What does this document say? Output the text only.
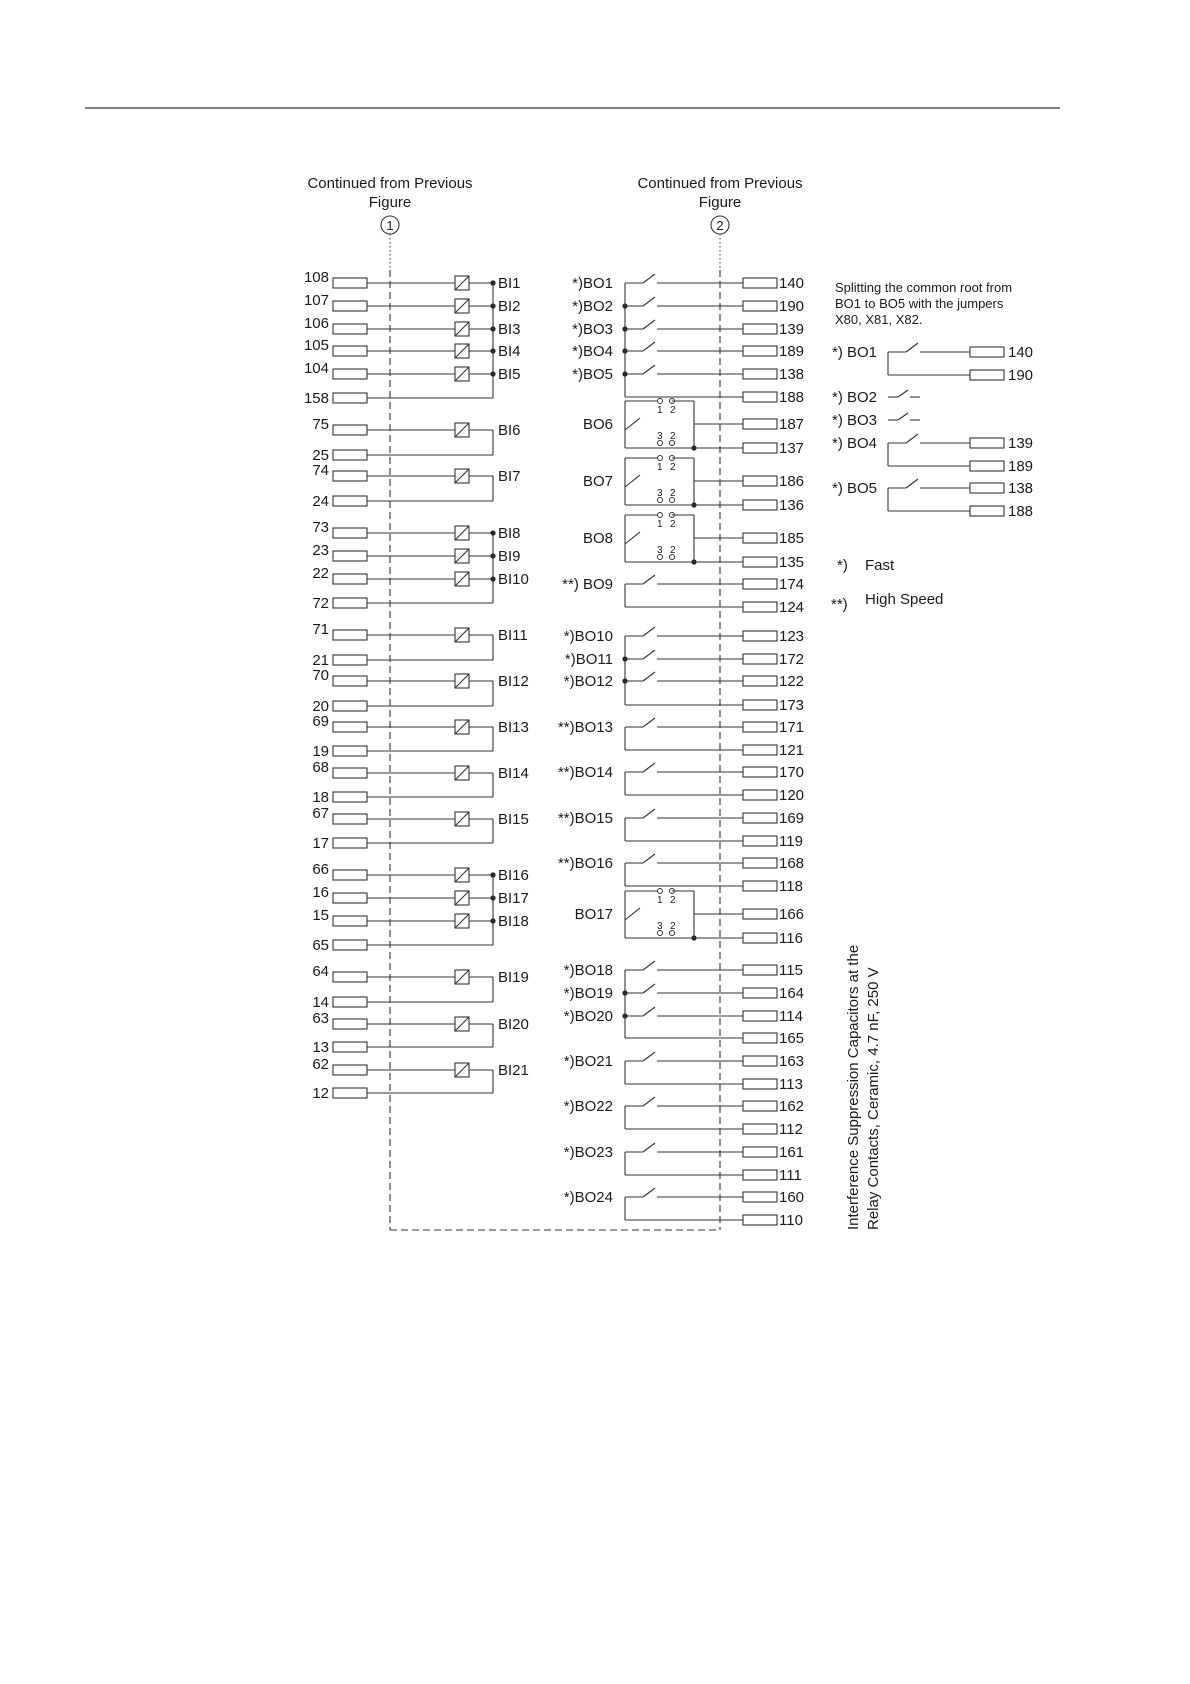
Continued from Previous
Figure
Continued from Previous
Figure
1	2
108	BI1
107	BI2
106	BI3
105	BI4
104	BI5
158
75	BI6
25
74	BI7
24
73	BI8
23	BI9
22	BI10
72
71	BI11
21
70	BI12
20
69	BI13
19
68	BI14
18
67	BI15
17
66	BI16
16	BI17
15	BI18
65
64	BI19
14
63	BI20
13
62	BI21
12
*)BO1	140
*)BO2	190
*)BO3	139
*)BO4	189
*)BO5	138
188
BO6	187
1 2
3 2
137
BO7	186
1 2
3 2
136
BO8	185
1 2
3 2
135
**) BO9	174
124
*)BO10	123
*)BO11	172
*)BO12	122
173
**)BO13	171
121
**)BO14	170
120
**)BO15	169
119
**)BO16	168
118
BO17	166
1 2
3 2
116
*)BO18	115
*)BO19	164
*)BO20	114
165
*)BO21	163
113
*)BO22	162
112
*)BO23	161
111
*)BO24	160
110
Splitting the common root from
BO1 to BO5 with the jumpers
X80, X81, X82.
*) BO1	140
190
*) BO2
*) BO3
*) BO4	139
189
*) BO5	138
188
*) Fast
**) High Speed
Interference Suppression Capacitors at the Relay Contacts, Ceramic, 4.7 nF, 250 V
